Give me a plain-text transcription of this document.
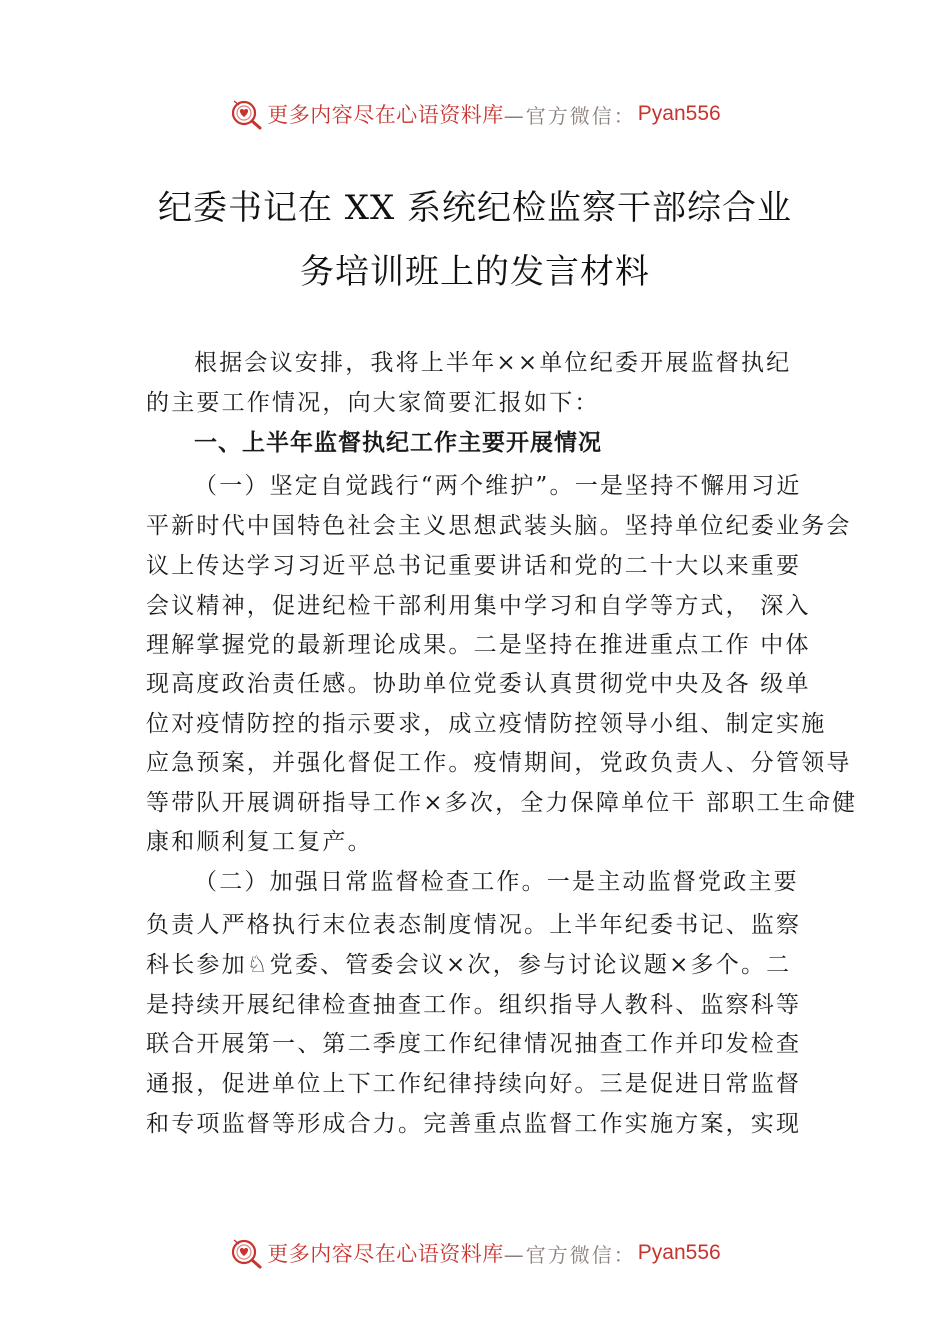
更多内容尽在心语资料库 —官方微信： Pyan556
纪委书记在 XX 系统纪检监察干部综合业
务培训班上的发言材料
根据会议安排，我将上半年××单位纪委开展监督执纪
的主要工作情况，向大家简要汇报如下：
一、上半年监督执纪工作主要开展情况
（一）坚定自觉践行“两个维护”。一是坚持不懈用习近
平新时代中国特色社会主义思想武装头脑。坚持单位纪委业务会
议上传达学习习近平总书记重要讲话和党的二十大以来重要
会议精神，促进纪检干部利用集中学习和自学等方式， 深入
理解掌握党的最新理论成果。二是坚持在推进重点工作 中体
现高度政治责任感。协助单位党委认真贯彻党中央及各 级单
位对疫情防控的指示要求，成立疫情防控领导小组、制定实施
应急预案，并强化督促工作。疫情期间，党政负责人、分管领导
等带队开展调研指导工作×多次，全力保障单位干 部职工生命健
康和顺利复工复产。
（二）加强日常监督检查工作。一是主动监督党政主要
负责人严格执行末位表态制度情况。上半年纪委书记、监察
科长参加♘党委、管委会议×次，参与讨论议题×多个。二
是持续开展纪律检查抽查工作。组织指导人教科、监察科等
联合开展第一、第二季度工作纪律情况抽查工作并印发检查
通报，促进单位上下工作纪律持续向好。三是促进日常监督
和专项监督等形成合力。完善重点监督工作实施方案，实现
更多内容尽在心语资料库 —官方微信： Pyan556
